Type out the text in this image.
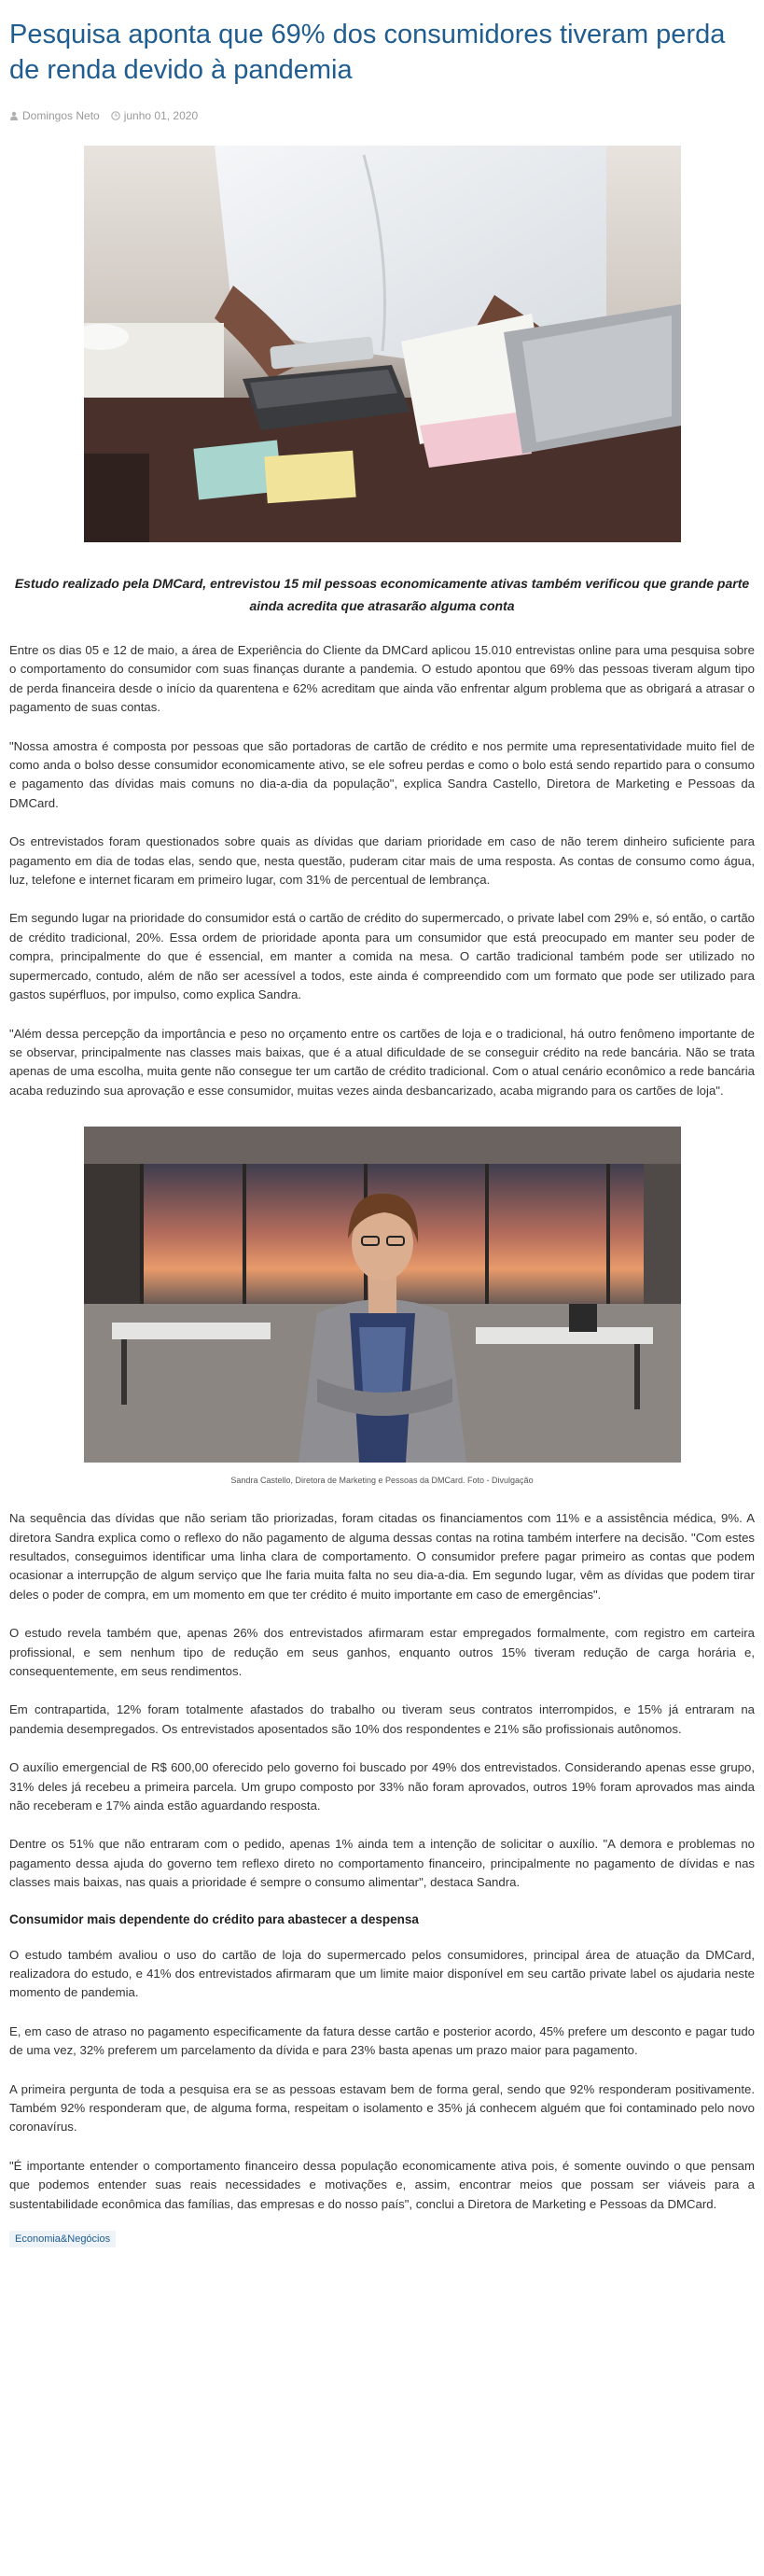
Pesquisa aponta que 69% dos consumidores tiveram perda de renda devido à pandemia
Domingos Neto junho 01, 2020

Estudo realizado pela DMCard, entrevistou 15 mil pessoas economicamente ativas também verificou que grande parte ainda acredita que atrasarão alguma conta

Entre os dias 05 e 12 de maio, a área de Experiência do Cliente da DMCard aplicou 15.010 entrevistas online para uma pesquisa sobre o comportamento do consumidor com suas finanças durante a pandemia. O estudo apontou que 69% das pessoas tiveram algum tipo de perda financeira desde o início da quarentena e 62% acreditam que ainda vão enfrentar algum problema que as obrigará a atrasar o pagamento de suas contas.
"Nossa amostra é composta por pessoas que são portadoras de cartão de crédito e nos permite uma representatividade muito fiel de como anda o bolso desse consumidor economicamente ativo, se ele sofreu perdas e como o bolo está sendo repartido para o consumo e pagamento das dívidas mais comuns no dia-a-dia da população", explica Sandra Castello, Diretora de Marketing e Pessoas da DMCard.
Os entrevistados foram questionados sobre quais as dívidas que dariam prioridade em caso de não terem dinheiro suficiente para pagamento em dia de todas elas, sendo que, nesta questão, puderam citar mais de uma resposta. As contas de consumo como água, luz, telefone e internet ficaram em primeiro lugar, com 31% de percentual de lembrança.
Em segundo lugar na prioridade do consumidor está o cartão de crédito do supermercado, o private label com 29% e, só então, o cartão de crédito tradicional, 20%. Essa ordem de prioridade aponta para um consumidor que está preocupado em manter seu poder de compra, principalmente do que é essencial, em manter a comida na mesa. O cartão tradicional também pode ser utilizado no supermercado, contudo, além de não ser acessível a todos, este ainda é compreendido com um formato que pode ser utilizado para gastos supérfluos, por impulso, como explica Sandra.
"Além dessa percepção da importância e peso no orçamento entre os cartões de loja e o tradicional, há outro fenômeno importante de se observar, principalmente nas classes mais baixas, que é a atual dificuldade de se conseguir crédito na rede bancária. Não se trata apenas de uma escolha, muita gente não consegue ter um cartão de crédito tradicional. Com o atual cenário econômico a rede bancária acaba reduzindo sua aprovação e esse consumidor, muitas vezes ainda desbancarizado, acaba migrando para os cartões de loja".
Sandra Castello, Diretora de Marketing e Pessoas da DMCard. Foto - Divulgação
Na sequência das dívidas que não seriam tão priorizadas, foram citadas os financiamentos com 11% e a assistência médica, 9%. A diretora Sandra explica como o reflexo do não pagamento de alguma dessas contas na rotina também interfere na decisão. "Com estes resultados, conseguimos identificar uma linha clara de comportamento. O consumidor prefere pagar primeiro as contas que podem ocasionar a interrupção de algum serviço que lhe faria muita falta no seu dia-a-dia. Em segundo lugar, vêm as dívidas que podem tirar deles o poder de compra, em um momento em que ter crédito é muito importante em caso de emergências".
O estudo revela também que, apenas 26% dos entrevistados afirmaram estar empregados formalmente, com registro em carteira profissional, e sem nenhum tipo de redução em seus ganhos, enquanto outros 15% tiveram redução de carga horária e, consequentemente, em seus rendimentos.
Em contrapartida, 12% foram totalmente afastados do trabalho ou tiveram seus contratos interrompidos, e 15% já entraram na pandemia desempregados. Os entrevistados aposentados são 10% dos respondentes e 21% são profissionais autônomos.
O auxílio emergencial de R$ 600,00 oferecido pelo governo foi buscado por 49% dos entrevistados. Considerando apenas esse grupo, 31% deles já recebeu a primeira parcela. Um grupo composto por 33% não foram aprovados, outros 19% foram aprovados mas ainda não receberam e 17% ainda estão aguardando resposta.
Dentre os 51% que não entraram com o pedido, apenas 1% ainda tem a intenção de solicitar o auxílio. "A demora e problemas no pagamento dessa ajuda do governo tem reflexo direto no comportamento financeiro, principalmente no pagamento de dívidas e nas classes mais baixas, nas quais a prioridade é sempre o consumo alimentar", destaca Sandra.
Consumidor mais dependente do crédito para abastecer a despensa
O estudo também avaliou o uso do cartão de loja do supermercado pelos consumidores, principal área de atuação da DMCard, realizadora do estudo, e 41% dos entrevistados afirmaram que um limite maior disponível em seu cartão private label os ajudaria neste momento de pandemia.
E, em caso de atraso no pagamento especificamente da fatura desse cartão e posterior acordo, 45% prefere um desconto e pagar tudo de uma vez, 32% preferem um parcelamento da dívida e para 23% basta apenas um prazo maior para pagamento.
A primeira pergunta de toda a pesquisa era se as pessoas estavam bem de forma geral, sendo que 92% responderam positivamente. Também 92% responderam que, de alguma forma, respeitam o isolamento e 35% já conhecem alguém que foi contaminado pelo novo coronavírus.
"É importante entender o comportamento financeiro dessa população economicamente ativa pois, é somente ouvindo o que pensam que podemos entender suas reais necessidades e motivações e, assim, encontrar meios que possam ser viáveis para a sustentabilidade econômica das famílias, das empresas e do nosso país", conclui a Diretora de Marketing e Pessoas da DMCard.
Economia&Negócios
